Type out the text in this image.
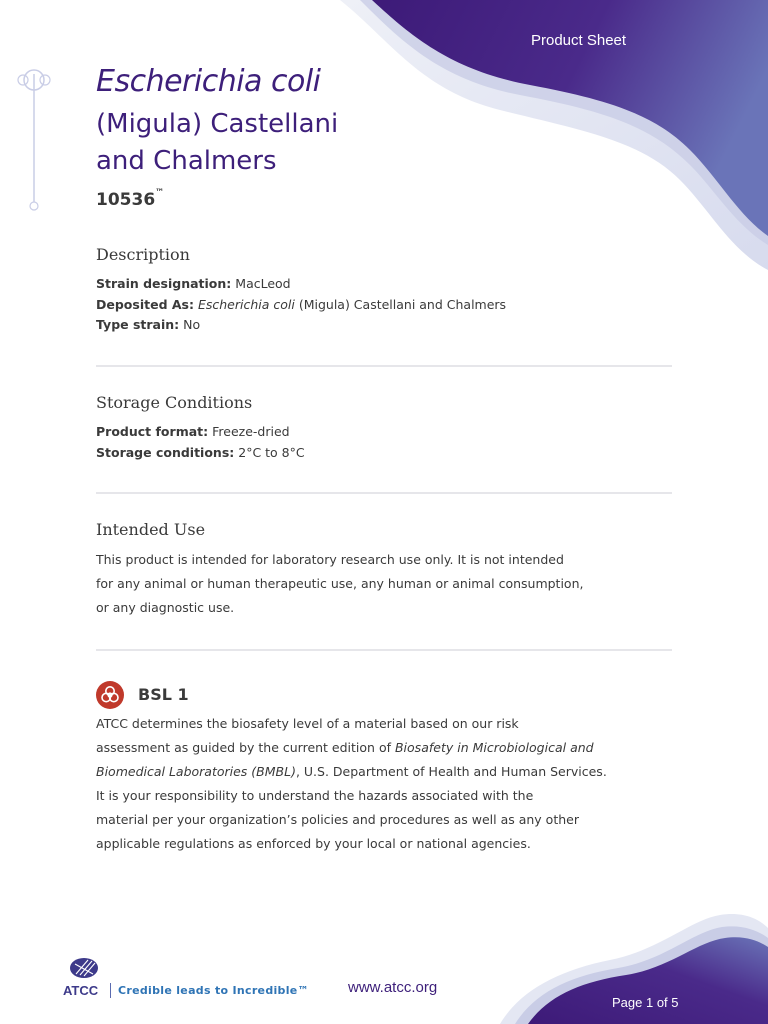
Product Sheet
Escherichia coli
(Migula) Castellani
and Chalmers
10536™
Description
Strain designation: MacLeod
Deposited As: Escherichia coli (Migula) Castellani and Chalmers
Type strain: No
Storage Conditions
Product format: Freeze-dried
Storage conditions: 2°C to 8°C
Intended Use

This product is intended for laboratory research use only. It is not intended

for any animal or human therapeutic use, any human or animal consumption,

or any diagnostic use.

BSL 1

ATCC determines the biosafety level of a material based on our risk

assessment as guided by the current edition of Biosafety in Microbiological and

Biomedical Laboratories (BMBL), U.S. Department of Health and Human Services.

It is your responsibility to understand the hazards associated with the

material per your organization’s policies and procedures as well as any other

applicable regulations as enforced by your local or national agencies.

ATCC Credible leads to Incredible™	www.atcc.org
Page 1 of 5
